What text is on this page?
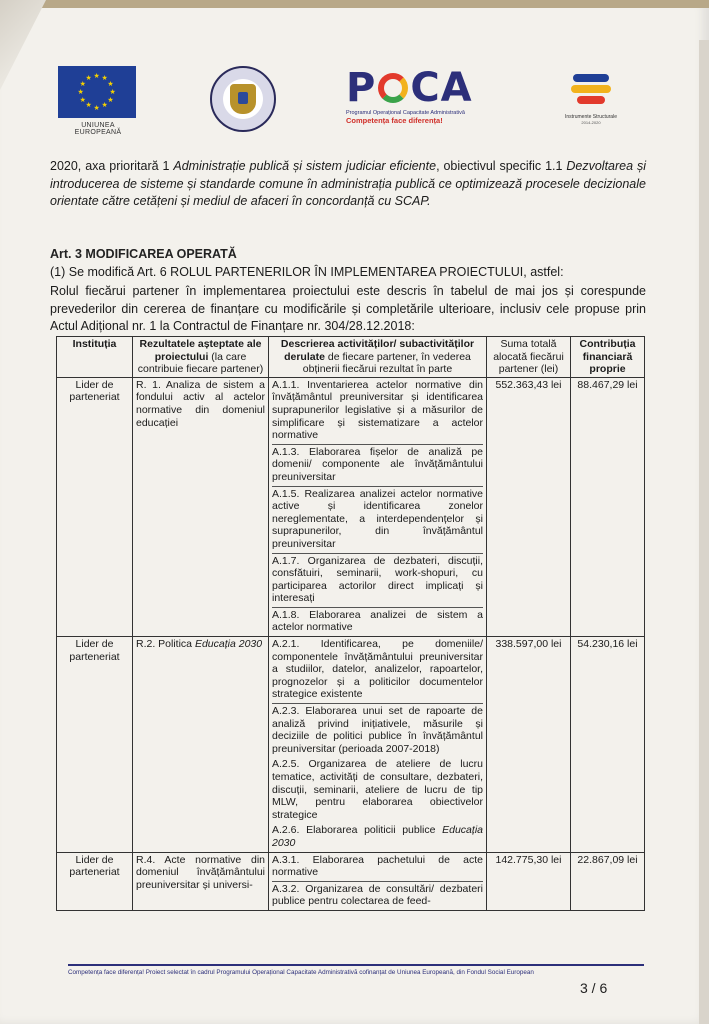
★ ★
★
★
★
★
★
★
★
★
★
★
UNIUNEA EUROPEANĂ
P CA
Programul Operațional Capacitate Administrativă
Competența face diferența!	Instrumente Structurale
2014-2020
2020, axa prioritară 1 Administrație publică și sistem judiciar eficiente, obiectivul specific 1.1 Dezvoltarea și introducerea de sisteme și standarde comune în administrația publică ce optimizează procesele decizionale orientate către cetățeni și mediul de afaceri în concordanță cu SCAP.
Art. 3 MODIFICAREA OPERATĂ
(1) Se modifică Art. 6 ROLUL PARTENERILOR ÎN IMPLEMENTAREA PROIECTULUI, astfel:
Rolul fiecărui partener în implementarea proiectului este descris în tabelul de mai jos și corespunde prevederilor din cererea de finanțare cu modificările și completările ulterioare, inclusiv cele propuse prin Actul Adițional nr. 1 la Contractul de Finanțare nr. 304/28.12.2018:
Instituția	Rezultatele așteptate ale proiectului (la care contribuie fiecare partener)	Descrierea activităților/ subactivităților derulate de fiecare partener, în vederea obținerii fiecărui rezultat în parte	Suma totală alocată fiecărui partener (lei)	Contribuția financiară proprie
Lider de parteneriat	R. 1. Analiza de sistem a fondului activ al actelor normative din domeniul educației	A.1.1. Inventarierea actelor normative din învățământul preuniversitar și identificarea suprapunerilor legislative și a măsurilor de simplificare și sistematizare a actelor normative
A.1.3. Elaborarea fișelor de analiză pe domenii/ componente ale învățământului preuniversitar
A.1.5. Realizarea analizei actelor normative active și identificarea zonelor nereglementate, a interdependențelor și suprapunerilor, din învățământul preuniversitar
A.1.7. Organizarea de dezbateri, discuții, consfătuiri, seminarii, work-shopuri, cu participarea actorilor direct implicați și interesați
A.1.8. Elaborarea analizei de sistem a actelor normative	552.363,43 lei	88.467,29 lei
Lider de parteneriat	R.2. Politica Educația 2030	A.2.1. Identificarea, pe domeniile/ componentele învățământului preuniversitar a studiilor, datelor, analizelor, rapoartelor, prognozelor și a politicilor documentelor strategice existente
A.2.3. Elaborarea unui set de rapoarte de analiză privind inițiativele, măsurile și deciziile de politici publice în învățământul preuniversitar (perioada 2007-2018)
A.2.5. Organizarea de ateliere de lucru tematice, activități de consultare, dezbateri, discuții, seminarii, ateliere de lucru de tip MLW, pentru elaborarea obiectivelor strategice
A.2.6. Elaborarea politicii publice Educația 2030	338.597,00 lei	54.230,16 lei
Lider de parteneriat	R.4. Acte normative din domeniul învățământului preuniversitar și universi-	A.3.1. Elaborarea pachetului de acte normative
A.3.2. Organizarea de consultări/ dezbateri publice pentru colectarea de feed-	142.775,30 lei	22.867,09 lei
Competența face diferența! Proiect selectat în cadrul Programului Operațional Capacitate Administrativă cofinanțat de Uniunea Europeană, din Fondul Social European
3 / 6
